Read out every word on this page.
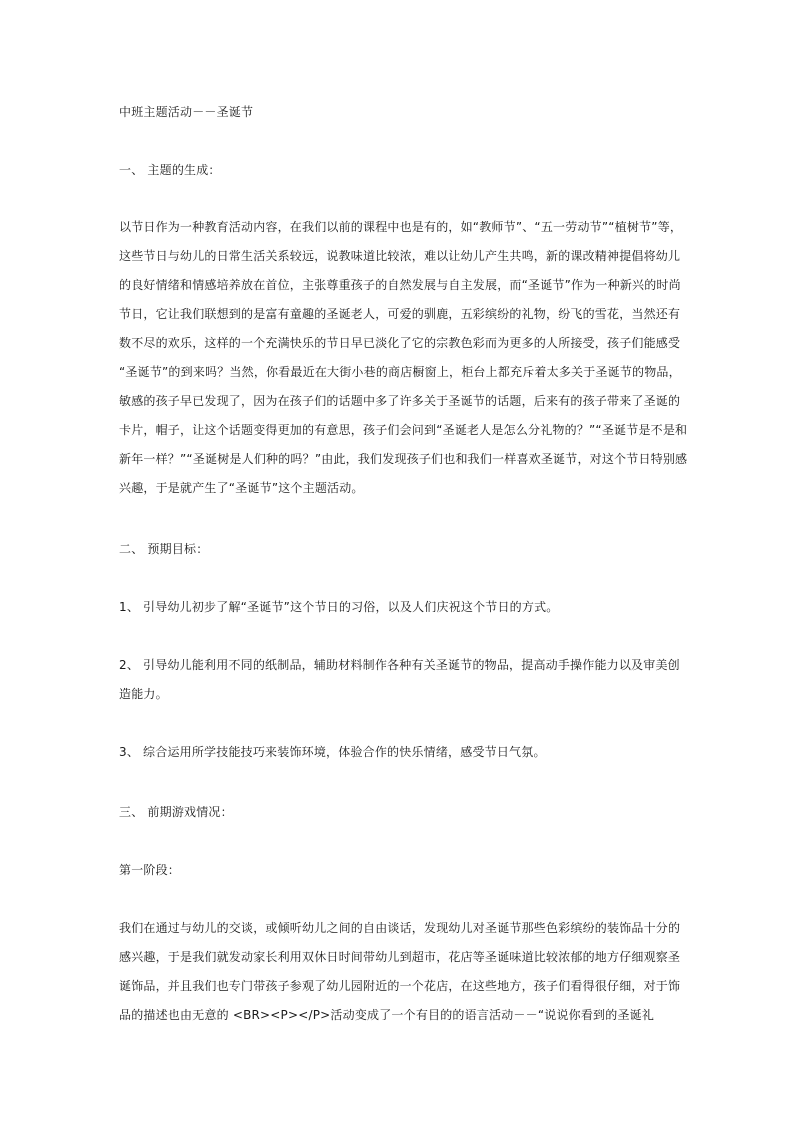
中班主题活动－－圣诞节
一、 主题的生成：
以节日作为一种教育活动内容，在我们以前的课程中也是有的，如“教师节”、“五一劳动节”“植树节”等，
这些节日与幼儿的日常生活关系较远，说教味道比较浓，难以让幼儿产生共鸣，新的课改精神提倡将幼儿
的良好情绪和情感培养放在首位，主张尊重孩子的自然发展与自主发展，而“圣诞节”作为一种新兴的时尚
节日，它让我们联想到的是富有童趣的圣诞老人，可爱的驯鹿，五彩缤纷的礼物，纷飞的雪花，当然还有
数不尽的欢乐，这样的一个充满快乐的节日早已淡化了它的宗教色彩而为更多的人所接受，孩子们能感受
“圣诞节”的到来吗？当然，你看最近在大街小巷的商店橱窗上，柜台上都充斥着太多关于圣诞节的物品，
敏感的孩子早已发现了，因为在孩子们的话题中多了许多关于圣诞节的话题，后来有的孩子带来了圣诞的
卡片，帽子，让这个话题变得更加的有意思，孩子们会问到“圣诞老人是怎么分礼物的？”“圣诞节是不是和
新年一样？”“圣诞树是人们种的吗？”由此，我们发现孩子们也和我们一样喜欢圣诞节，对这个节日特别感
兴趣，于是就产生了“圣诞节”这个主题活动。
二、 预期目标：
1、 引导幼儿初步了解“圣诞节”这个节日的习俗，以及人们庆祝这个节日的方式。
2、 引导幼儿能利用不同的纸制品，辅助材料制作各种有关圣诞节的物品，提高动手操作能力以及审美创
造能力。
3、 综合运用所学技能技巧来装饰环境，体验合作的快乐情绪，感受节日气氛。
三、 前期游戏情况：
第一阶段：
我们在通过与幼儿的交谈，或倾听幼儿之间的自由谈话，发现幼儿对圣诞节那些色彩缤纷的装饰品十分的
感兴趣，于是我们就发动家长利用双休日时间带幼儿到超市，花店等圣诞味道比较浓郁的地方仔细观察圣
诞饰品，并且我们也专门带孩子参观了幼儿园附近的一个花店，在这些地方，孩子们看得很仔细，对于饰
品的描述也由无意的 <BR><P></P>活动变成了一个有目的的语言活动－－“说说你看到的圣诞礼
